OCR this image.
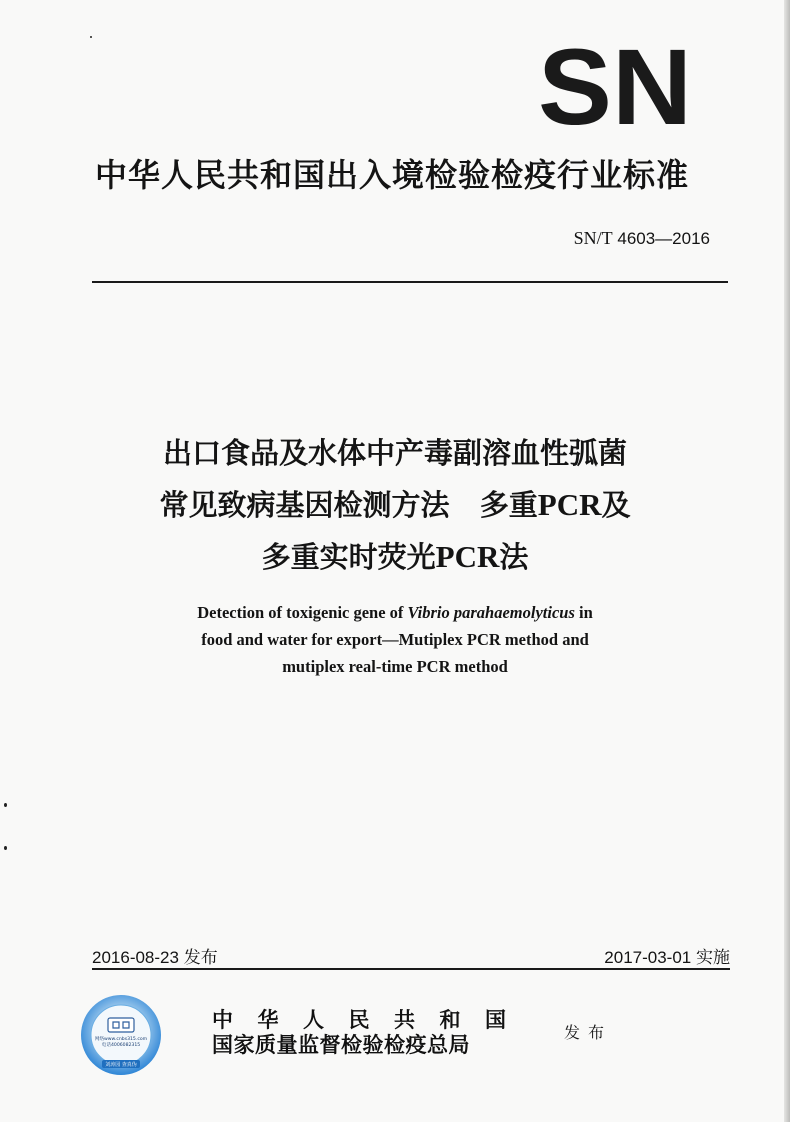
SN
中华人民共和国出入境检验检疫行业标准
SN/T 4603—2016
出口食品及水体中产毒副溶血性弧菌
常见致病基因检测方法 多重PCR及
多重实时荧光PCR法
Detection of toxigenic gene of Vibrio parahaemolyticus in
food and water for export—Mutiplex PCR method and
mutiplex real-time PCR method
2016-08-23 发布	2017-03-01 实施
网络www.cnbs315.com
电话4006082315
刘涛园 查真伪
中华人民共和国
国家质量监督检验检疫总局	发布
